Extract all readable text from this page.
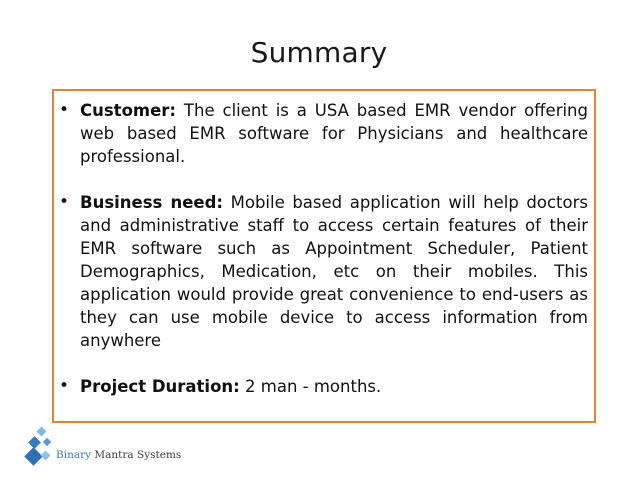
Summary
• Customer: The client is a USA based EMR vendor offering web based EMR software for Physicians and healthcare professional.
• Business need: Mobile based application will help doctors and administrative staff to access certain features of their EMR software such as Appointment Scheduler, Patient Demographics, Medication, etc on their mobiles. This application would provide great convenience to end-users as they can use mobile device to access information from anywhere
• Project Duration: 2 man - months.
Binary Mantra Systems
